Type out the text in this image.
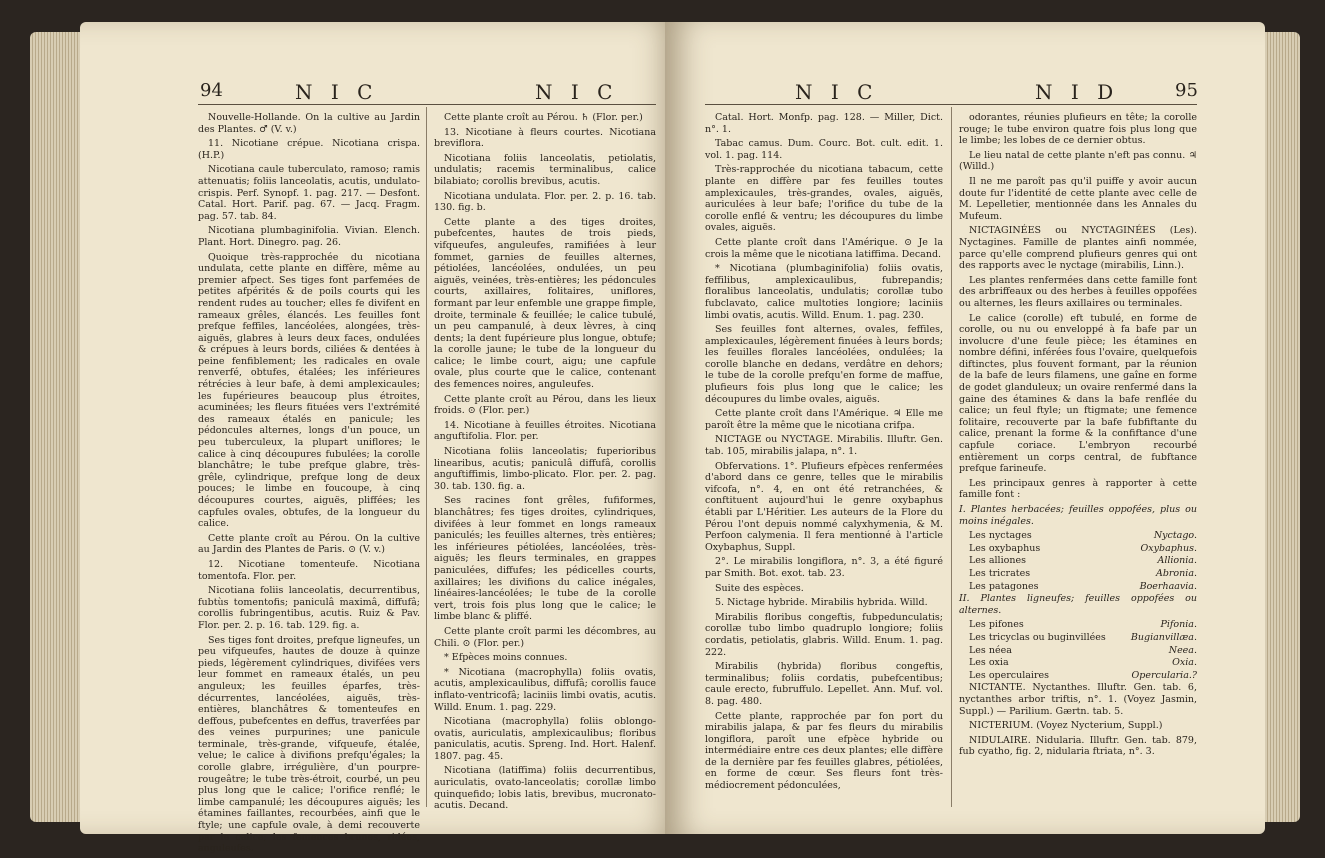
94	N I C	N I C

Nouvelle-Hollande. On la cultive au Jardin des Plantes. ♂ (V. v.)

11. Nicotiane crépue. Nicotiana crispa. (H.P.)

Nicotiana caule tuberculato, ramoso; ramis attenuatis; foliis lanceolatis, acutis, undulato-crispis. Perf. Synopf. 1. pag. 217. — Desfont. Catal. Hort. Parif. pag. 67. — Jacq. Fragm. pag. 57. tab. 84.

Nicotiana plumbaginifolia. Vivian. Elench. Plant. Hort. Dinegro. pag. 26.

Quoique très-rapprochée du nicotiana undulata, cette plante en diffère, même au premier afpect. Ses tiges font parfemées de petites afpérités & de poils courts qui les rendent rudes au toucher; elles fe divifent en rameaux grêles, élancés. Les feuilles font prefque feffiles, lancéolées, alongées, très-aiguës, glabres à leurs deux faces, ondulées & crépues à leurs bords, ciliées & dentées à peine fenfiblement; les radicales en ovale renverfé, obtufes, étalées; les inférieures rétrécies à leur bafe, à demi amplexicaules; les fupérieures beaucoup plus étroites, acuminées; les fleurs fituées vers l'extrémité des rameaux étalés en panicule; les pédoncules alternes, longs d'un pouce, un peu tuberculeux, la plupart uniflores; le calice à cinq découpures fubulées; la corolle blanchâtre; le tube prefque glabre, très-grêle, cylindrique, prefque long de deux pouces; le limbe en foucoupe, à cinq découpures courtes, aiguës, pliffées; les capfules ovales, obtufes, de la longueur du calice.

Cette plante croît au Pérou. On la cultive au Jardin des Plantes de Paris. ⊙ (V. v.)

12. Nicotiane tomenteufe. Nicotiana tomentofa. Flor. per.

Nicotiana foliis lanceolatis, decurrentibus, fubtùs tomentofis; paniculâ maximâ, diffufâ; corollis fubringentibus, acutis. Ruiz & Pav. Flor. per. 2. p. 16. tab. 129. fig. a.

Ses tiges font droites, prefque ligneufes, un peu vifqueufes, hautes de douze à quinze pieds, légèrement cylindriques, divifées vers leur fommet en rameaux étalés, un peu anguleux; les feuilles éparfes, très-décurrentes, lancéolées, aiguës, très-entières, blanchâtres & tomenteufes en deffous, pubefcentes en deffus, traverfées par des veines purpurines; une panicule terminale, très-grande, vifqueufe, étalée, velue; le calice à divifions prefqu'égales; la corolle glabre, irrégulière, d'un pourpre-rougeâtre; le tube très-étroit, courbé, un peu plus long que le calice; l'orifice renflé; le limbe campanulé; les découpures aiguës; les étamines faillantes, recourbées, ainfi que le ftyle; une capfule ovale, à demi recouverte par le calice; les femences brunes, ridées, anguleufes.

Cette plante croît au Pérou. ♄ (Flor. per.)

13. Nicotiane à fleurs courtes. Nicotiana breviflora.

Nicotiana foliis lanceolatis, petiolatis, undulatis; racemis terminalibus, calice bilabiato; corollis brevibus, acutis.

Nicotiana undulata. Flor. per. 2. p. 16. tab. 130. fig. b.

Cette plante a des tiges droites, pubefcentes, hautes de trois pieds, vifqueufes, anguleufes, ramifiées à leur fommet, garnies de feuilles alternes, pétiolées, lancéolées, ondulées, un peu aiguës, veinées, très-entières; les pédoncules courts, axillaires, folitaires, uniflores, formant par leur enfemble une grappe fimple, droite, terminale & feuillée; le calice tubulé, un peu campanulé, à deux lèvres, à cinq dents; la dent fupérieure plus longue, obtufe; la corolle jaune; le tube de la longueur du calice; le limbe court, aigu; une capfule ovale, plus courte que le calice, contenant des femences noires, anguleufes.

Cette plante croît au Pérou, dans les lieux froids. ⊙ (Flor. per.)

14. Nicotiane à feuilles étroites. Nicotiana anguftifolia. Flor. per.

Nicotiana foliis lanceolatis; fuperioribus linearibus, acutis; paniculâ diffufâ, corollis anguftiffimis, limbo-plicato. Flor. per. 2. pag. 30. tab. 130. fig. a.

Ses racines font grêles, fufiformes, blanchâtres; fes tiges droites, cylindriques, divifées à leur fommet en longs rameaux paniculés; les feuilles alternes, très entières; les inférieures pétiolées, lancéolées, très-aiguës; les fleurs terminales, en grappes paniculées, diffufes; les pédicelles courts, axillaires; les divifions du calice inégales, linéaires-lancéolées; le tube de la corolle vert, trois fois plus long que le calice; le limbe blanc & pliffé.

Cette plante croît parmi les décombres, au Chili. ⊙ (Flor. per.)

* Efpèces moins connues.

* Nicotiana (macrophylla) foliis ovatis, acutis, amplexicaulibus, diffufâ; corollis fauce inflato-ventricofâ; laciniis limbi ovatis, acutis. Willd. Enum. 1. pag. 229.

Nicotiana (macrophylla) foliis oblongo-ovatis, auriculatis, amplexicaulibus; floribus paniculatis, acutis. Spreng. Ind. Hort. Halenf. 1807. pag. 45.

Nicotiana (latiffima) foliis decurrentibus, auriculatis, ovato-lanceolatis; corollæ limbo quinquefido; lobis latis, brevibus, mucronato-acutis. Decand.

N I C	N I D	95

Catal. Hort. Monfp. pag. 128. — Miller, Dict. n°. 1.

Tabac camus. Dum. Courc. Bot. cult. edit. 1. vol. 1. pag. 114.

Très-rapprochée du nicotiana tabacum, cette plante en diffère par fes feuilles toutes amplexicaules, très-grandes, ovales, aiguës, auriculées à leur bafe; l'orifice du tube de la corolle enflé & ventru; les découpures du limbe ovales, aiguës.

Cette plante croît dans l'Amérique. ⊙ Je la crois la même que le nicotiana latiffima. Decand.

* Nicotiana (plumbaginifolia) foliis ovatis, feffilibus, amplexicaulibus, fubrepandis; floralibus lanceolatis, undulatis; corollæ tubo fubclavato, calice multoties longiore; laciniis limbi ovatis, acutis. Willd. Enum. 1. pag. 230.

Ses feuilles font alternes, ovales, feffiles, amplexicaules, légèrement finuées à leurs bords; les feuilles florales lancéolées, ondulées; la corolle blanche en dedans, verdâtre en dehors; le tube de la corolle prefqu'en forme de maffue, plufieurs fois plus long que le calice; les découpures du limbe ovales, aiguës.

Cette plante croît dans l'Amérique. ♃ Elle me paroît être la même que le nicotiana crifpa.

NICTAGE ou NYCTAGE. Mirabilis. Illuftr. Gen. tab. 105, mirabilis jalapa, n°. 1.

Obfervations. 1°. Plufieurs efpèces renfermées d'abord dans ce genre, telles que le mirabilis vifcofa, n°. 4, en ont été retranchées, & conftituent aujourd'hui le genre oxybaphus établi par L'Héritier. Les auteurs de la Flore du Pérou l'ont depuis nommé calyxhymenia, & M. Perfoon calymenia. Il fera mentionné à l'article Oxybaphus, Suppl.

2°. Le mirabilis longiflora, n°. 3, a été figuré par Smith. Bot. exot. tab. 23.

Suite des espèces.

5. Nictage hybride. Mirabilis hybrida. Willd.

Mirabilis floribus congeftis, fubpedunculatis; corollæ tubo limbo quadruplo longiore; foliis cordatis, petiolatis, glabris. Willd. Enum. 1. pag. 222.

Mirabilis (hybrida) floribus congeftis, terminalibus; foliis cordatis, pubefcentibus; caule erecto, fubruffulo. Lepellet. Ann. Muf. vol. 8. pag. 480.

Cette plante, rapprochée par fon port du mirabilis jalapa, & par fes fleurs du mirabilis longiflora, paroît une efpèce hybride ou intermédiaire entre ces deux plantes; elle diffère de la dernière par fes feuilles glabres, pétiolées, en forme de cœur. Ses fleurs font très-médiocrement pédonculées,

odorantes, réunies plufieurs en tête; la corolle rouge; le tube environ quatre fois plus long que le limbe; les lobes de ce dernier obtus.

Le lieu natal de cette plante n'eft pas connu. ♃ (Willd.)

Il ne me paroît pas qu'il puiffe y avoir aucun doute fur l'identité de cette plante avec celle de M. Lepelletier, mentionnée dans les Annales du Mufeum.

NICTAGINÉES ou NYCTAGINÉES (Les). Nyctagines. Famille de plantes ainfi nommée, parce qu'elle comprend plufieurs genres qui ont des rapports avec le nyctage (mirabilis, Linn.).

Les plantes renfermées dans cette famille font des arbriffeaux ou des herbes à feuilles oppofées ou alternes, les fleurs axillaires ou terminales.

Le calice (corolle) eft tubulé, en forme de corolle, ou nu ou enveloppé à fa bafe par un involucre d'une feule pièce; les étamines en nombre défini, inférées fous l'ovaire, quelquefois diftinctes, plus fouvent formant, par la réunion de la bafe de leurs filamens, une gaîne en forme de godet glanduleux; un ovaire renfermé dans la gaine des étamines & dans la bafe renflée du calice; un feul ftyle; un ftigmate; une femence folitaire, recouverte par la bafe fubfiftante du calice, prenant la forme & la confiftance d'une capfule coriace. L'embryon recourbé entièrement un corps central, de fubftance prefque farineufe.

Les principaux genres à rapporter à cette famille font :

I. Plantes herbacées; feuilles oppofées, plus ou moins inégales.

Les nyctages	Nyctago.
Les oxybaphus	Oxybaphus.
Les alliones	Allionia.
Les tricrates	Abronia.
Les patagones	Boerhaavia.

II. Plantes ligneufes; feuilles oppofées ou alternes.

Les pifones	Pifonia.
Les tricyclas ou buginvillées	Bugianvillæa.
Les néea	Neea.
Les oxia	Oxia.
Les operculaires	Opercularia.?

NICTANTE. Nyctanthes. Illuftr. Gen. tab. 6, nyctanthes arbor triftis, n°. 1. (Voyez Jasmin, Suppl.) — Parilium. Gærtn. tab. 5.

NICTERIUM. (Voyez Nycterium, Suppl.)

NIDULAIRE. Nidularia. Illuftr. Gen. tab. 879, fub cyatho, fig. 2, nidularia ftriata, n°. 3.
